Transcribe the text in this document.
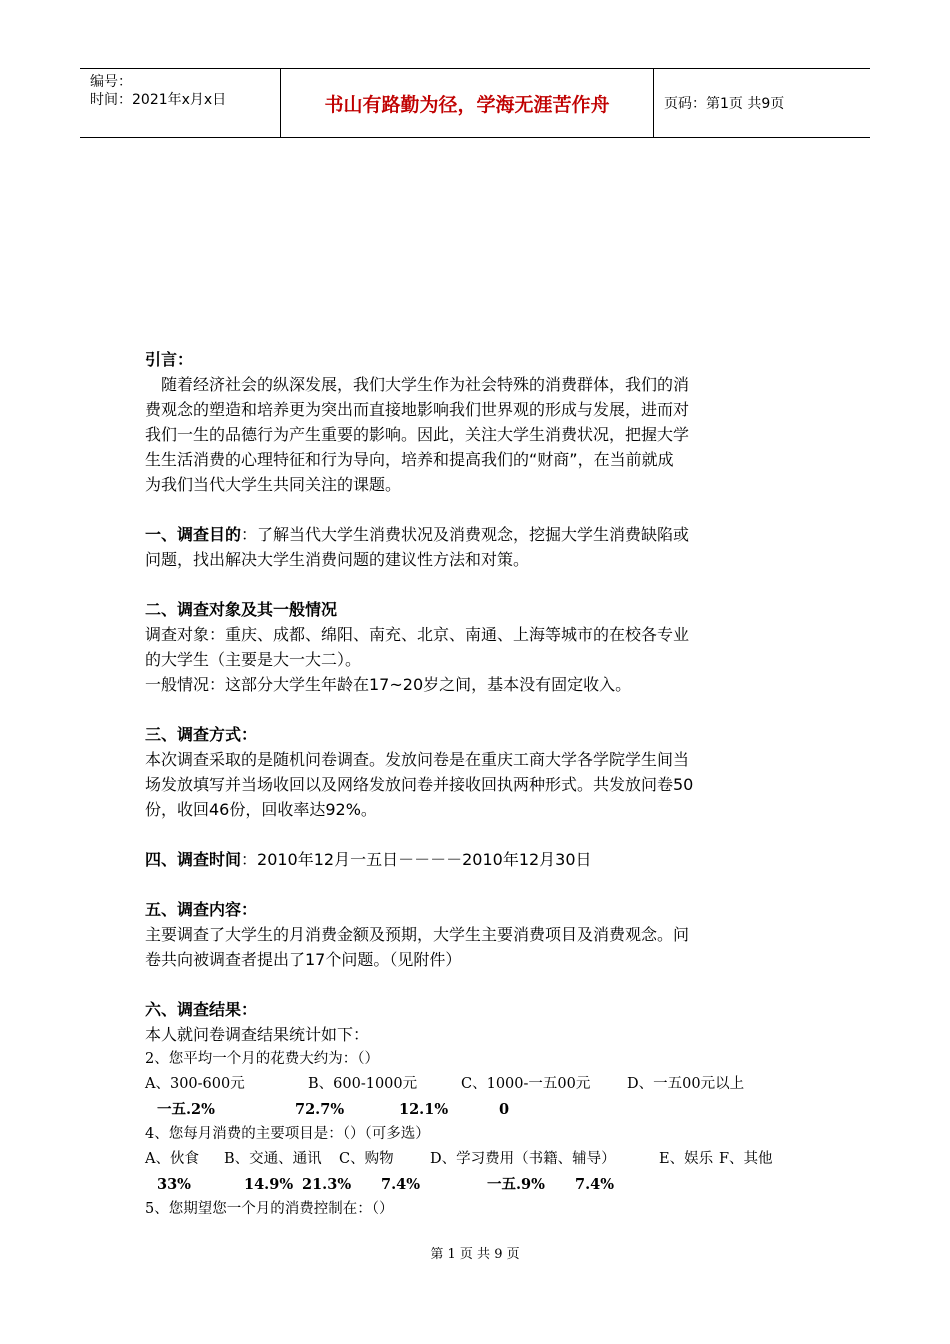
编号：
时间：2021年x月x日	书山有路勤为径，学海无涯苦作舟	页码：第1页 共9页

引言：

　随着经济社会的纵深发展，我们大学生作为社会特殊的消费群体，我们的消

费观念的塑造和培养更为突出而直接地影响我们世界观的形成与发展，进而对

我们一生的品德行为产生重要的影响。因此，关注大学生消费状况，把握大学

生生活消费的心理特征和行为导向，培养和提高我们的“财商”，在当前就成

为我们当代大学生共同关注的课题。

一、调查目的：了解当代大学生消费状况及消费观念，挖掘大学生消费缺陷或

问题，找出解决大学生消费问题的建议性方法和对策。

二、调查对象及其一般情况

调查对象：重庆、成都、绵阳、南充、北京、南通、上海等城市的在校各专业

的大学生（主要是大一大二）。

一般情况：这部分大学生年龄在17~20岁之间，基本没有固定收入。

三、调查方式：

本次调查采取的是随机问卷调查。发放问卷是在重庆工商大学各学院学生间当

场发放填写并当场收回以及网络发放问卷并接收回执两种形式。共发放问卷50

份，收回46份，回收率达92%。

四、调查时间：2010年12月一五日－－－－2010年12月30日

五、调查内容：

主要调查了大学生的月消费金额及预期，大学生主要消费项目及消费观念。问

卷共向被调查者提出了17个问题。（见附件）

六、调查结果：

本人就问卷调查结果统计如下：

2、您平均一个月的花费大约为：（）
A、300-600元	B、600-1000元	C、1000-一五00元	D、一五00元以上
一五.2%	72.7%	12.1%	0
4、您每月消费的主要项目是：（）（可多选）
A、伙食 B、交通、通讯 C、购物	D、学习费用（书籍、辅导）	E、娱乐 F、其他
33%	14.9% 21.3% 7.4%	一五.9% 7.4%
5、您期望您一个月的消费控制在：（）
第 1 页 共 9 页
